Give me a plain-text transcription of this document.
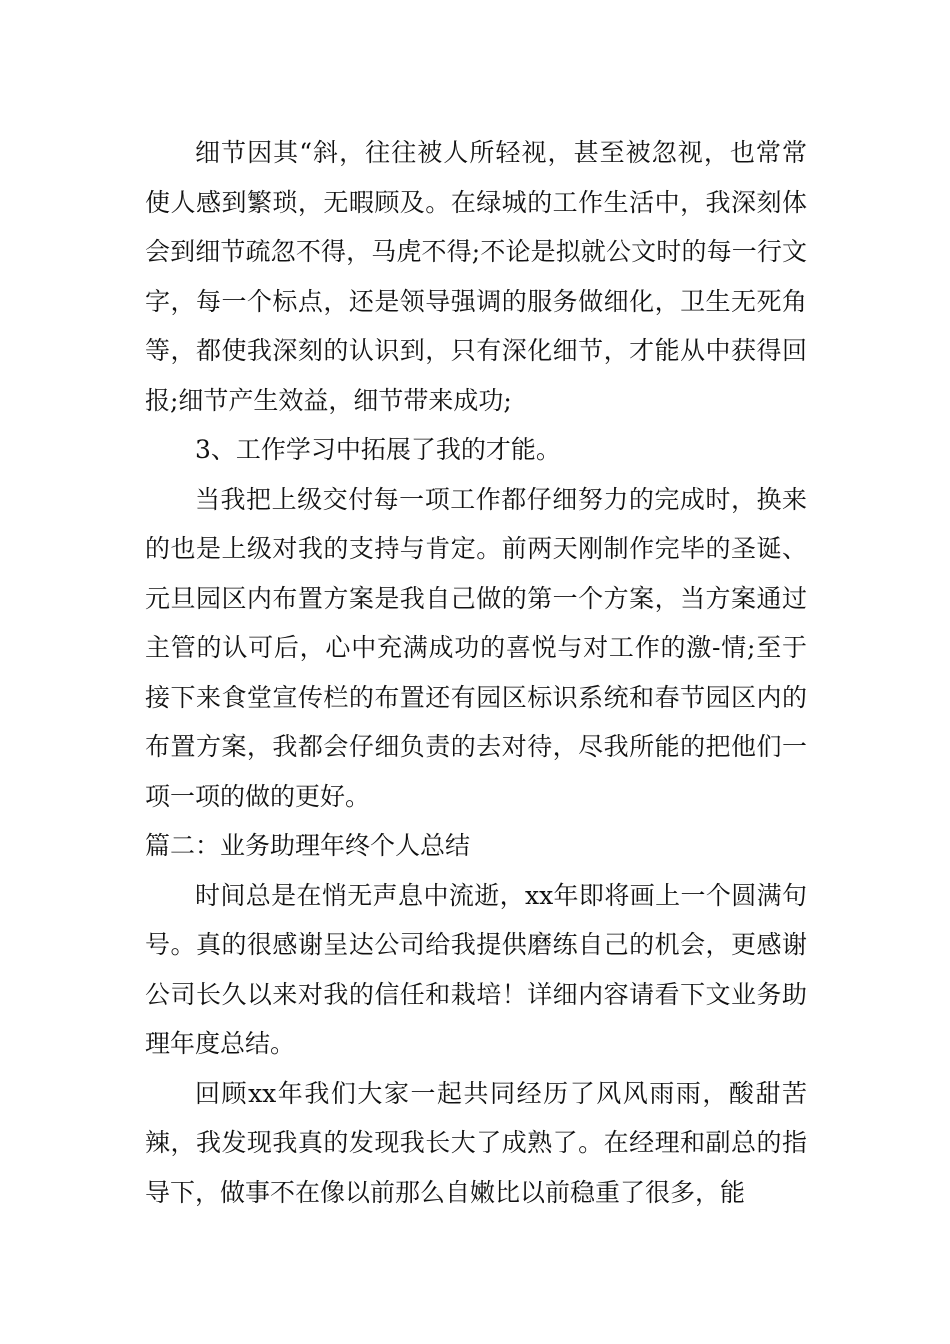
细节因其“斜，往往被人所轻视，甚至被忽视，也常常使人感到繁琐，无暇顾及。在绿城的工作生活中，我深刻体会到细节疏忽不得，马虎不得;不论是拟就公文时的每一行文字，每一个标点，还是领导强调的服务做细化，卫生无死角等，都使我深刻的认识到，只有深化细节，才能从中获得回报;细节产生效益，细节带来成功;

3、工作学习中拓展了我的才能。

当我把上级交付每一项工作都仔细努力的完成时，换来的也是上级对我的支持与肯定。前两天刚制作完毕的圣诞、元旦园区内布置方案是我自己做的第一个方案，当方案通过主管的认可后，心中充满成功的喜悦与对工作的激-情;至于接下来食堂宣传栏的布置还有园区标识系统和春节园区内的布置方案，我都会仔细负责的去对待，尽我所能的把他们一项一项的做的更好。

篇二：业务助理年终个人总结

时间总是在悄无声息中流逝，xx年即将画上一个圆满句号。真的很感谢呈达公司给我提供磨练自己的机会，更感谢公司长久以来对我的信任和栽培！详细内容请看下文业务助理年度总结。

回顾xx年我们大家一起共同经历了风风雨雨，酸甜苦辣，我发现我真的发现我长大了成熟了。在经理和副总的指导下，做事不在像以前那么自嫩比以前稳重了很多，能
